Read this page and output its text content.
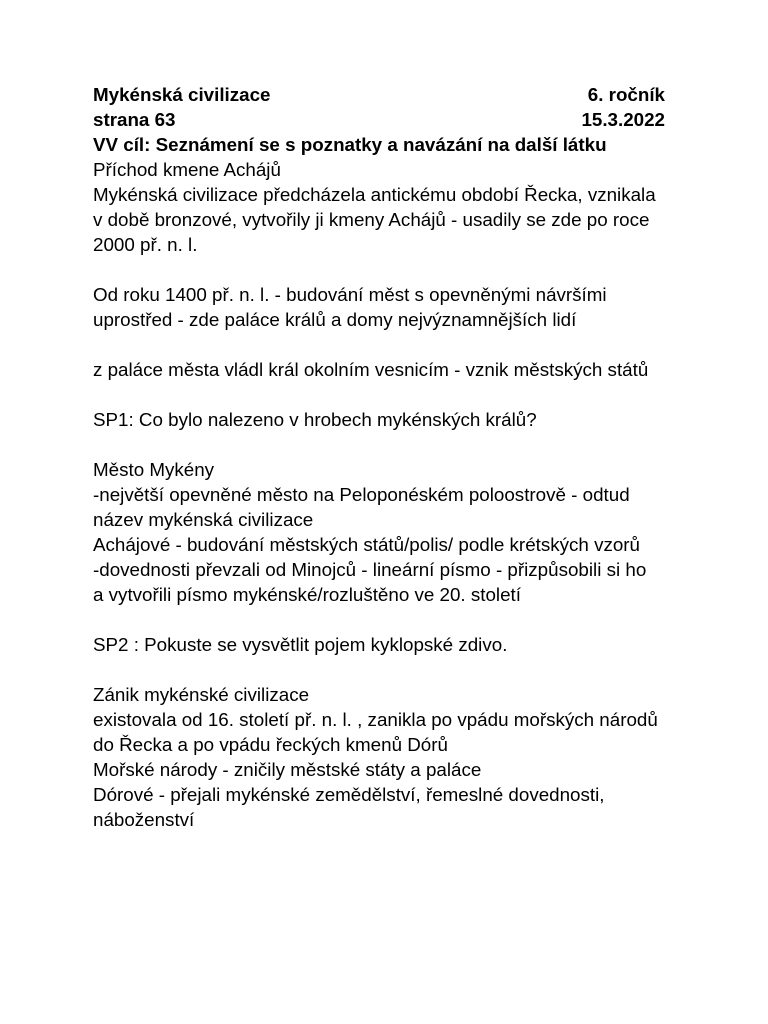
Mykénská civilizace	6. ročník
strana 63	15.3.2022
VV cíl: Seznámení se s poznatky a navázání na další látku
Příchod kmene Achájů
Mykénská civilizace předcházela antickému období Řecka, vznikala
v době bronzové, vytvořily ji kmeny Achájů - usadily se zde po roce
2000 př. n. l.
Od roku 1400 př. n. l. - budování měst s opevněnými návršími
uprostřed - zde paláce králů a domy nejvýznamnějších lidí
z paláce města vládl král okolním vesnicím - vznik městských států
SP1: Co bylo nalezeno v hrobech mykénských králů?
Město Mykény
-největší opevněné město na Peloponéském poloostrově - odtud
název mykénská civilizace
Achájové - budování městských států/polis/ podle krétských vzorů
-dovednosti převzali od Minojců - lineární písmo - přizpůsobili si ho
a vytvořili písmo mykénské/rozluštěno ve 20. století
SP2 : Pokuste se vysvětlit pojem kyklopské zdivo.
Zánik mykénské civilizace
existovala od 16. století př. n. l. , zanikla po vpádu mořských národů
do Řecka a po vpádu řeckých kmenů Dórů
Mořské národy - zničily městské státy a paláce
Dórové - přejali mykénské zemědělství, řemeslné dovednosti,
náboženství
